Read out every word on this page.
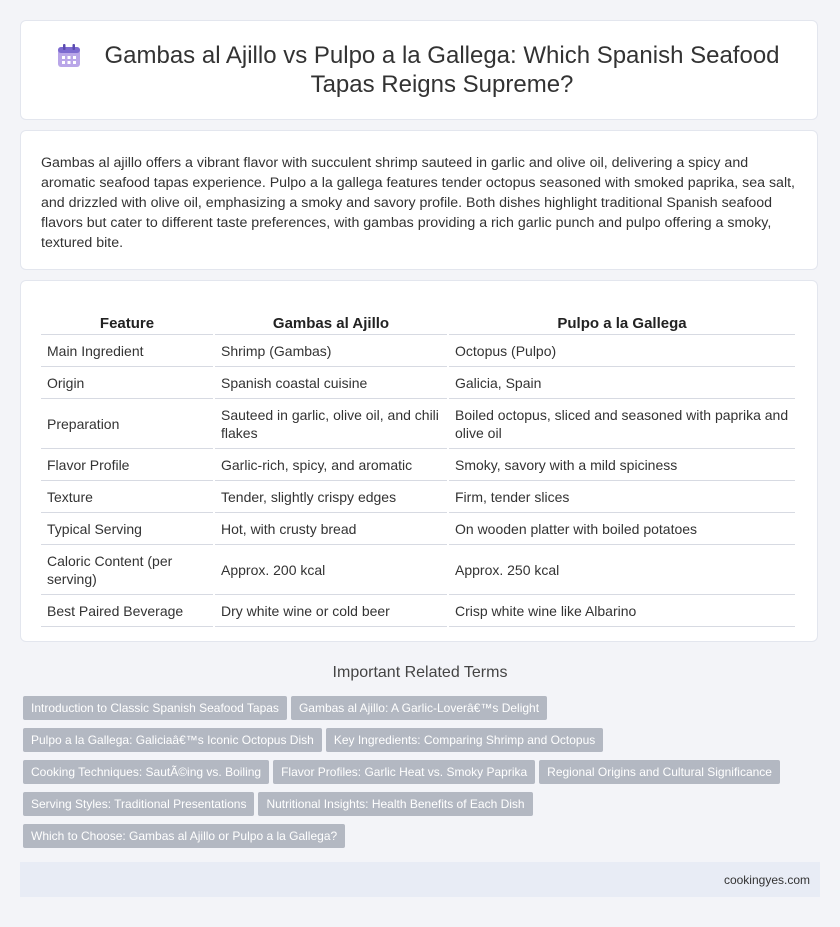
Gambas al Ajillo vs Pulpo a la Gallega: Which Spanish Seafood Tapas Reigns Supreme?

Gambas al ajillo offers a vibrant flavor with succulent shrimp sauteed in garlic and olive oil, delivering a spicy and aromatic seafood tapas experience. Pulpo a la gallega features tender octopus seasoned with smoked paprika, sea salt, and drizzled with olive oil, emphasizing a smoky and savory profile. Both dishes highlight traditional Spanish seafood flavors but cater to different taste preferences, with gambas providing a rich garlic punch and pulpo offering a smoky, textured bite.

Feature	Gambas al Ajillo	Pulpo a la Gallega
Main Ingredient	Shrimp (Gambas)	Octopus (Pulpo)
Origin	Spanish coastal cuisine	Galicia, Spain
Preparation	Sauteed in garlic, olive oil, and chili flakes	Boiled octopus, sliced and seasoned with paprika and olive oil
Flavor Profile	Garlic-rich, spicy, and aromatic	Smoky, savory with a mild spiciness
Texture	Tender, slightly crispy edges	Firm, tender slices
Typical Serving	Hot, with crusty bread	On wooden platter with boiled potatoes
Caloric Content (per serving)	Approx. 200 kcal	Approx. 250 kcal
Best Paired Beverage	Dry white wine or cold beer	Crisp white wine like Albarino
Important Related Terms
Introduction to Classic Spanish Seafood Tapas Gambas al Ajillo: A Garlic-Loverâ€™s Delight
Pulpo a la Gallega: Galiciaâ€™s Iconic Octopus Dish Key Ingredients: Comparing Shrimp and Octopus
Cooking Techniques: SautÃ©ing vs. Boiling Flavor Profiles: Garlic Heat vs. Smoky Paprika Regional Origins and Cultural Significance
Serving Styles: Traditional Presentations Nutritional Insights: Health Benefits of Each Dish
Which to Choose: Gambas al Ajillo or Pulpo a la Gallega?
cookingyes.com
